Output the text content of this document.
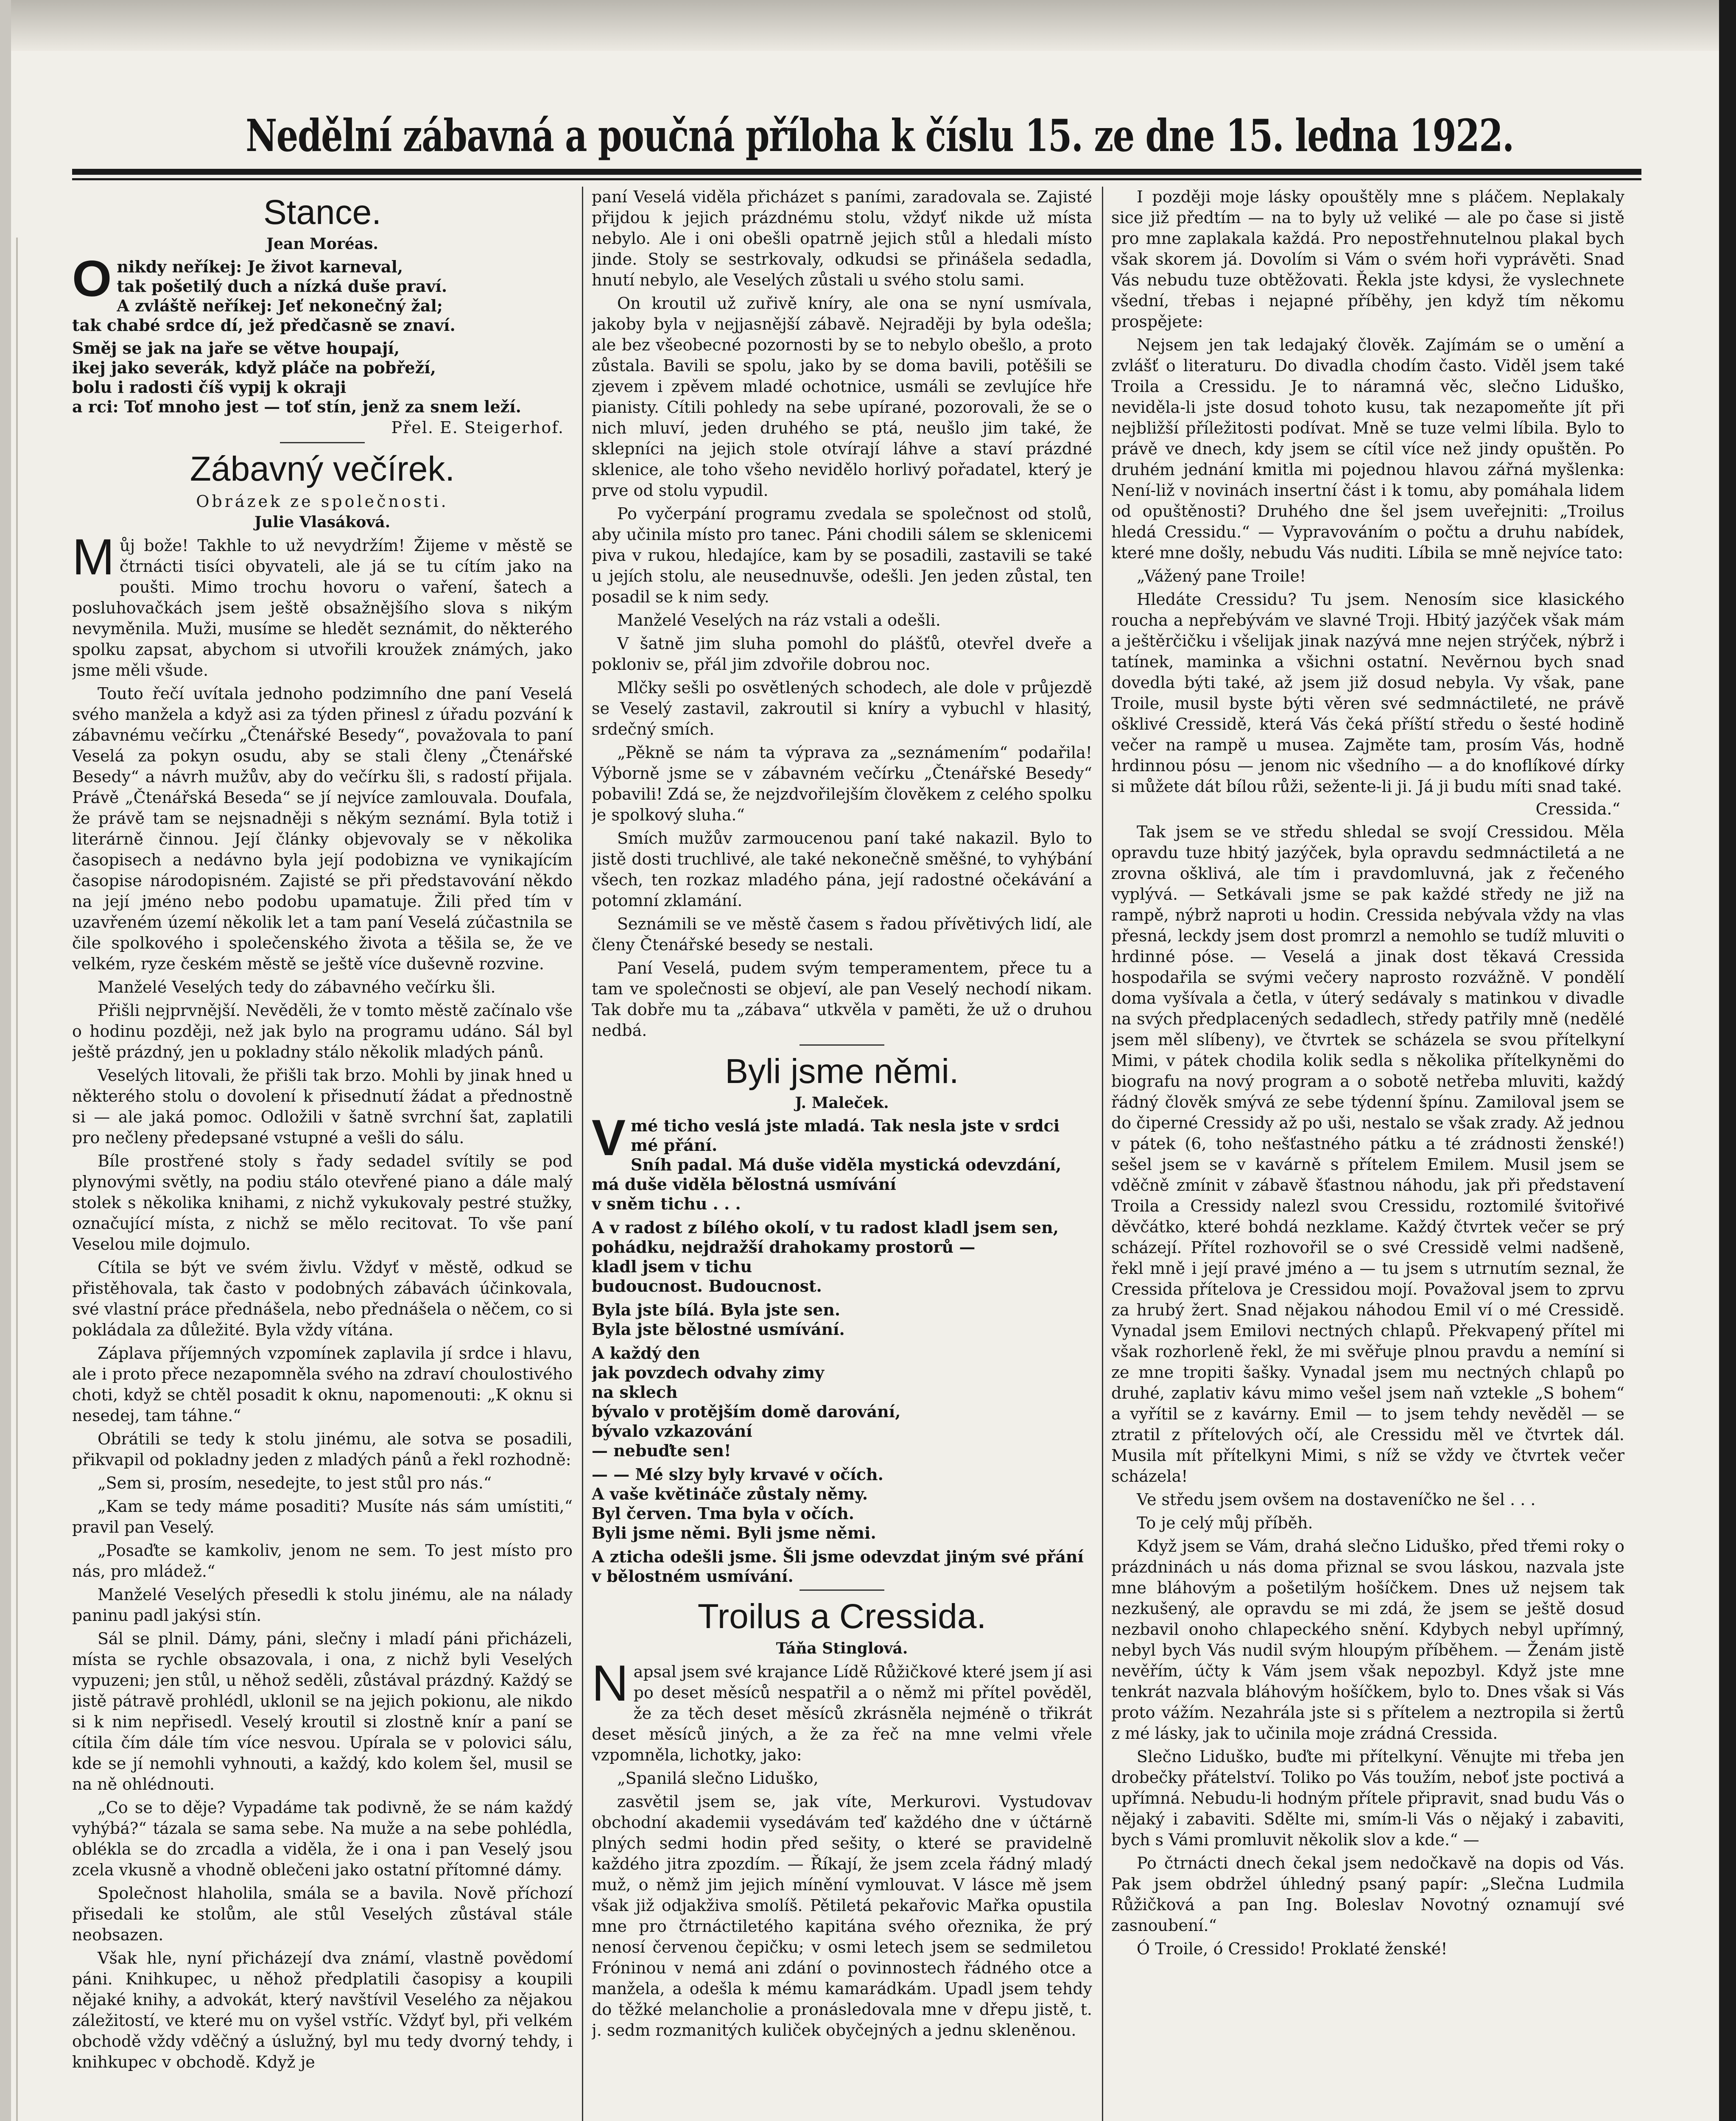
Nedělní zábavná a poučná příloha k číslu 15. ze dne 15. ledna 1922.
Stance.
Jean Moréas.
O nikdy neříkej: Je život karneval,
tak pošetilý duch a nízká duše praví.
A zvláště neříkej: Jeť nekonečný žal;
tak chabé srdce dí, jež předčasně se znaví.
Směj se jak na jaře se větve houpají,
ikej jako severák, když pláče na pobřeží,
bolu i radosti číš vypij k okraji
a rci: Toť mnoho jest — toť stín, jenž za snem leží.
Přel. E. Steigerhof.
Zábavný večírek.
Obrázek ze společnosti.
Julie Vlasáková.

Můj bože! Takhle to už nevydržím! Žijeme v městě se čtrnácti tisíci obyvateli, ale já se tu cítím jako na poušti. Mimo trochu hovoru o vaření, šatech a posluhovačkách jsem ještě obsažnějšího slova s nikým nevyměnila. Muži, musíme se hledět seznámit, do některého spolku zapsat, abychom si utvořili kroužek známých, jako jsme měli všude.

Touto řečí uvítala jednoho podzimního dne paní Veselá svého manžela a když asi za týden přinesl z úřadu pozvání k zábavnému večírku „Čtenářské Besedy“, považovala to paní Veselá za pokyn osudu, aby se stali členy „Čtenářské Besedy“ a návrh mužův, aby do večírku šli, s radostí přijala. Právě „Čtenářská Beseda“ se jí nejvíce zamlouvala. Doufala, že právě tam se nejsnadněji s někým seznámí. Byla totiž i literárně činnou. Její články objevovaly se v několika časopisech a nedávno byla její podobizna ve vynikajícím časopise národopisném. Zajisté se při představování někdo na její jméno nebo podobu upamatuje. Žili před tím v uzavřeném území několik let a tam paní Veselá zúčastnila se čile spolkového i společenského života a těšila se, že ve velkém, ryze českém městě se ještě více duševně rozvine.

Manželé Veselých tedy do zábavného večírku šli.

Přišli nejprvnější. Nevěděli, že v tomto městě začínalo vše o hodinu později, než jak bylo na programu udáno. Sál byl ještě prázdný, jen u pokladny stálo několik mladých pánů.

Veselých litovali, že přišli tak brzo. Mohli by jinak hned u některého stolu o dovolení k přisednutí žádat a přednostně si — ale jaká pomoc. Odložili v šatně svrchní šat, zaplatili pro nečleny předepsané vstupné a vešli do sálu.

Bíle prostřené stoly s řady sedadel svítily se pod plynovými světly, na podiu stálo otevřené piano a dále malý stolek s několika knihami, z nichž vykukovaly pestré stužky, označující místa, z nichž se mělo recitovat. To vše paní Veselou mile dojmulo.

Cítila se být ve svém živlu. Vždyť v městě, odkud se přistěhovala, tak často v podobných zábavách účinkovala, své vlastní práce přednášela, nebo přednášela o něčem, co si pokládala za důležité. Byla vždy vítána.

Záplava příjemných vzpomínek zaplavila jí srdce i hlavu, ale i proto přece nezapomněla svého na zdraví choulostivého choti, když se chtěl posadit k oknu, napomenouti: „K oknu si nesedej, tam táhne.“

Obrátili se tedy k stolu jinému, ale sotva se posadili, přikvapil od pokladny jeden z mladých pánů a řekl rozhodně:

„Sem si, prosím, nesedejte, to jest stůl pro nás.“

„Kam se tedy máme posaditi? Musíte nás sám umístiti,“ pravil pan Veselý.

„Posaďte se kamkoliv, jenom ne sem. To jest místo pro nás, pro mládež.“

Manželé Veselých přesedli k stolu jinému, ale na nálady paninu padl jakýsi stín.

Sál se plnil. Dámy, páni, slečny i mladí páni přicházeli, místa se rychle obsazovala, i ona, z nichž byli Veselých vypuzeni; jen stůl, u něhož seděli, zůstával prázdný. Každý se jistě pátravě prohlédl, uklonil se na jejich pokionu, ale nikdo si k nim nepřisedl. Veselý kroutil si zlostně knír a paní se cítila čím dále tím více nesvou. Upírala se v polovici sálu, kde se jí nemohli vyhnouti, a každý, kdo kolem šel, musil se na ně ohlédnouti.

„Co se to děje? Vypadáme tak podivně, že se nám každý vyhýbá?“ tázala se sama sebe. Na muže a na sebe pohlédla, oblékla se do zrcadla a viděla, že i ona i pan Veselý jsou zcela vkusně a vhodně oblečeni jako ostatní přítomné dámy.

Společnost hlaholila, smála se a bavila. Nově příchozí přisedali ke stolům, ale stůl Veselých zůstával stále neobsazen.

Však hle, nyní přicházejí dva známí, vlastně povědomí páni. Knihkupec, u něhož předplatili časopisy a koupili nějaké knihy, a advokát, který navštívil Veselého za nějakou záležitostí, ve které mu on vyšel vstříc. Vždyť byl, při velkém obchodě vždy vděčný a úslužný, byl mu tedy dvorný tehdy, i knihkupec v obchodě. Když je

paní Veselá viděla přicházet s paními, zaradovala se. Zajisté přijdou k jejich prázdnému stolu, vždyť nikde už místa nebylo. Ale i oni obešli opatrně jejich stůl a hledali místo jinde. Stoly se sestrkovaly, odkudsi se přinášela sedadla, hnutí nebylo, ale Veselých zůstali u svého stolu sami.

On kroutil už zuřivě kníry, ale ona se nyní usmívala, jakoby byla v nejjasnější zábavě. Nejraději by byla odešla; ale bez všeobecné pozornosti by se to nebylo obešlo, a proto zůstala. Bavili se spolu, jako by se doma bavili, potěšili se zjevem i zpěvem mladé ochotnice, usmáli se zevlujíce hře pianisty. Cítili pohledy na sebe upírané, pozorovali, že se o nich mluví, jeden druhého se ptá, neušlo jim také, že sklepníci na jejich stole otvírají láhve a staví prázdné sklenice, ale toho všeho nevidělo horlivý pořadatel, který je prve od stolu vypudil.

Po vyčerpání programu zvedala se společnost od stolů, aby učinila místo pro tanec. Páni chodili sálem se sklenicemi piva v rukou, hledajíce, kam by se posadili, zastavili se také u jejích stolu, ale neusednuvše, odešli. Jen jeden zůstal, ten posadil se k nim sedy.

Manželé Veselých na ráz vstali a odešli.

V šatně jim sluha pomohl do plášťů, otevřel dveře a pokloniv se, přál jim zdvořile dobrou noc.

Mlčky sešli po osvětlených schodech, ale dole v průjezdě se Veselý zastavil, zakroutil si kníry a vybuchl v hlasitý, srdečný smích.

„Pěkně se nám ta výprava za „seznámením“ podařila! Výborně jsme se v zábavném večírku „Čtenářské Besedy“ pobavili! Zdá se, že nejzdvořilejším člověkem z celého spolku je spolkový sluha.“

Smích mužův zarmoucenou paní také nakazil. Bylo to jistě dosti truchlivé, ale také nekonečně směšné, to vyhýbání všech, ten rozkaz mladého pána, její radostné očekávání a potomní zklamání.

Seznámili se ve městě časem s řadou přívětivých lidí, ale členy Čtenářské besedy se nestali.

Paní Veselá, pudem svým temperamentem, přece tu a tam ve společnosti se objeví, ale pan Veselý nechodí nikam. Tak dobře mu ta „zábava“ utkvěla v paměti, že už o druhou nedbá.

Byli jsme němi.
J. Maleček.
V mé ticho veslá jste mladá. Tak nesla jste v srdci mé přání.
Sníh padal. Má duše viděla mystická odevzdání, má duše viděla bělostná usmívání
v sněm tichu . . .
A v radost z bílého okolí, v tu radost kladl jsem sen, pohádku, nejdražší drahokamy prostorů —
kladl jsem v tichu
budoucnost. Budoucnost.
Byla jste bílá. Byla jste sen.
Byla jste bělostné usmívání.
A každý den
jak povzdech odvahy zimy
na sklech
bývalo v protějším domě darování,
bývalo vzkazování
— nebuďte sen!
— — Mé slzy byly krvavé v očích.
A vaše květináče zůstaly němy.
Byl červen. Tma byla v očích.
Byli jsme němi. Byli jsme němi.
A zticha odešli jsme. Šli jsme odevzdat jiným své přání
v bělostném usmívání.
Troilus a Cressida.
Táňa Stinglová.

Napsal jsem své krajance Lídě Růžičkové které jsem jí asi po deset měsíců nespatřil a o němž mi přítel pověděl, že za těch deset měsíců zkrásněla nejméně o třikrát deset měsíců jiných, a že za řeč na mne velmi vřele vzpomněla, lichotky, jako:

„Spanilá slečno Liduško,

zasvětil jsem se, jak víte, Merkurovi. Vystudovav obchodní akademii vysedávám teď každého dne v účtárně plných sedmi hodin před sešity, o které se pravidelně každého jitra zpozdím. — Říkají, že jsem zcela řádný mladý muž, o němž jim jejich mínění vymlouvat. V lásce mě jsem však již odjakživa smolíš. Pětiletá pekařovic Mařka opustila mne pro čtrnáctiletého kapitána svého ořeznika, že prý nenosí červenou čepičku; v osmi letech jsem se sedmiletou Fróninou v nemá ani zdání o povinnostech řádného otce a manžela, a odešla k mému kamarádkám. Upadl jsem tehdy do těžké melancholie a pronásledovala mne v dřepu jistě, t. j. sedm rozmanitých kuliček obyčejných a jednu skleněnou.

I později moje lásky opouštěly mne s pláčem. Neplakaly sice již předtím — na to byly už veliké — ale po čase si jistě pro mne zaplakala každá. Pro nepostřehnutelnou plakal bych však skorem já. Dovolím si Vám o svém hoři vyprávěti. Snad Vás nebudu tuze obtěžovati. Řekla jste kdysi, že vyslechnete všední, třebas i nejapné příběhy, jen když tím někomu prospějete:

Nejsem jen tak ledajaký člověk. Zajímám se o umění a zvlášť o literaturu. Do divadla chodím často. Viděl jsem také Troila a Cressidu. Je to náramná věc, slečno Liduško, neviděla-li jste dosud tohoto kusu, tak nezapomeňte jít při nejbližší příležitosti podívat. Mně se tuze velmi líbila. Bylo to právě ve dnech, kdy jsem se cítil více než jindy opuštěn. Po druhém jednání kmitla mi pojednou hlavou zářná myšlenka: Není-liž v novinách insertní část i k tomu, aby pomáhala lidem od opuštěnosti? Druhého dne šel jsem uveřejniti: „Troilus hledá Cressidu.“ — Vypravováním o počtu a druhu nabídek, které mne došly, nebudu Vás nuditi. Líbila se mně nejvíce tato:

„Vážený pane Troile!

Hledáte Cressidu? Tu jsem. Nenosím sice klasického roucha a nepřebývám ve slavné Troji. Hbitý jazýček však mám a ještěrčičku i všelijak jinak nazývá mne nejen strýček, nýbrž i tatínek, maminka a všichni ostatní. Nevěrnou bych snad dovedla býti také, až jsem již dosud nebyla. Vy však, pane Troile, musil byste býti věren své sedmnáctileté, ne právě ošklivé Cressidě, která Vás čeká příští středu o šesté hodině večer na rampě u musea. Zajměte tam, prosím Vás, hodně hrdinnou pósu — jenom nic všedního — a do knoflíkové dírky si můžete dát bílou růži, sežente-li ji. Já ji budu míti snad také.

Cressida.“

Tak jsem se ve středu shledal se svojí Cressidou. Měla opravdu tuze hbitý jazýček, byla opravdu sedmnáctiletá a ne zrovna ošklivá, ale tím i pravdomluvná, jak z řečeného vyplývá. — Setkávali jsme se pak každé středy ne již na rampě, nýbrž naproti u hodin. Cressida nebývala vždy na vlas přesná, leckdy jsem dost promrzl a nemohlo se tudíž mluviti o hrdinné póse. — Veselá a jinak dost těkavá Cressida hospodařila se svými večery naprosto rozvážně. V pondělí doma vyšívala a četla, v úterý sedávaly s matinkou v divadle na svých předplacených sedadlech, středy patřily mně (nedělé jsem měl slíbeny), ve čtvrtek se scházela se svou přítelkyní Mimi, v pátek chodila kolik sedla s několika přítelkyněmi do biografu na nový program a o sobotě netřeba mluviti, každý řádný člověk smývá ze sebe týdenní špínu. Zamiloval jsem se do čiperné Cressidy až po uši, nestalo se však zrady. Až jednou v pátek (6, toho nešťastného pátku a té zrádnosti ženské!) sešel jsem se v kavárně s přítelem Emilem. Musil jsem se vděčně zmínit v zábavě šťastnou náhodu, jak při představení Troila a Cressidy nalezl svou Cressidu, roztomilé švitořivé děvčátko, které bohdá nezklame. Každý čtvrtek večer se prý scházejí. Přítel rozhovořil se o své Cressidě velmi nadšeně, řekl mně i její pravé jméno a — tu jsem s utrnutím seznal, že Cressida přítelova je Cressidou mojí. Považoval jsem to zprvu za hrubý žert. Snad nějakou náhodou Emil ví o mé Cressidě. Vynadal jsem Emilovi nectných chlapů. Překvapený přítel mi však rozhorleně řekl, že mi svěřuje plnou pravdu a nemíní si ze mne tropiti šašky. Vynadal jsem mu nectných chlapů po druhé, zaplativ kávu mimo vešel jsem naň vztekle „S bohem“ a vyřítil se z kavárny. Emil — to jsem tehdy nevěděl — se ztratil z přítelových očí, ale Cressidu měl ve čtvrtek dál. Musila mít přítelkyni Mimi, s níž se vždy ve čtvrtek večer scházela!

Ve středu jsem ovšem na dostaveníčko ne šel . . .

To je celý můj příběh.

Když jsem se Vám, drahá slečno Liduško, před třemi roky o prázdninách u nás doma přiznal se svou láskou, nazvala jste mne bláhovým a pošetilým hošíčkem. Dnes už nejsem tak nezkušený, ale opravdu se mi zdá, že jsem se ještě dosud nezbavil onoho chlapeckého snění. Kdybych nebyl upřímný, nebyl bych Vás nudil svým hloupým příběhem. — Ženám jistě nevěřím, účty k Vám jsem však nepozbyl. Když jste mne tenkrát nazvala bláhovým hošíčkem, bylo to. Dnes však si Vás proto vážím. Nezahrála jste si s přítelem a neztropila si žertů z mé lásky, jak to učinila moje zrádná Cressida.

Slečno Liduško, buďte mi přítelkyní. Věnujte mi třeba jen drobečky přátelství. Toliko po Vás toužím, neboť jste poctivá a upřímná. Nebudu-li hodným přítele připravit, snad budu Vás o nějaký i zabaviti. Sdělte mi, smím-li Vás o nějaký i zabaviti, bych s Vámi promluvit několik slov a kde.“ —

Po čtrnácti dnech čekal jsem nedočkavě na dopis od Vás. Pak jsem obdržel úhledný psaný papír: „Slečna Ludmila Růžičková a pan Ing. Boleslav Novotný oznamují své zasnoubení.“

Ó Troile, ó Cressido! Proklaté ženské!
